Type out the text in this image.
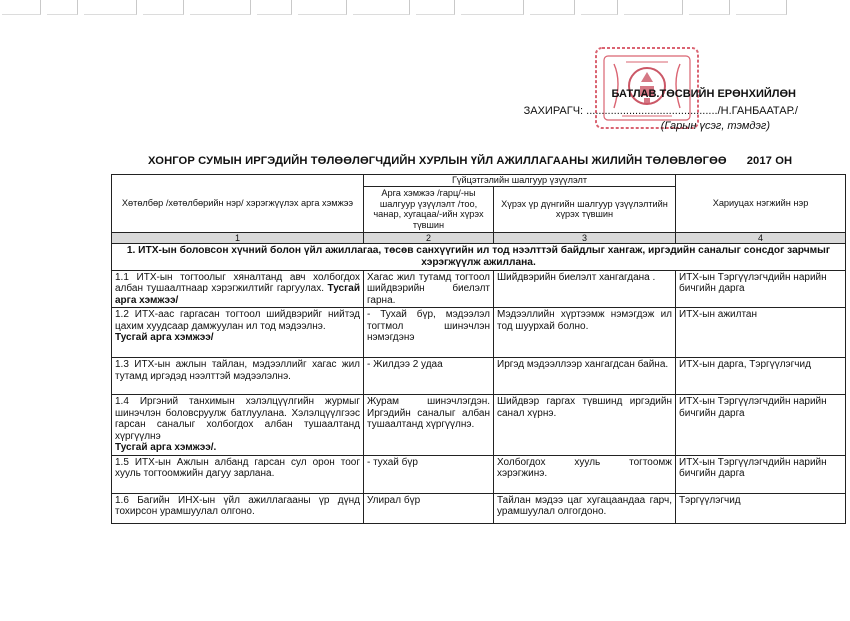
БАТЛАВ.ТӨСВИЙН ЕРӨНХИЙЛӨН
ЗАХИРАГЧ: .........................................../Н.ГАНБААТАР./
(Гарын үсэг, тэмдэг)
ХОНГОР СУМЫН ИРГЭДИЙН ТӨЛӨӨЛӨГЧДИЙН ХУРЛЫН ҮЙЛ АЖИЛЛАГААНЫ ЖИЛИЙН ТӨЛӨВЛӨГӨӨ 2017 ОН
Хөтөлбөр /хөтөлбөрийн нэр/ хэрэгжүүлэх арга хэмжээ	Гүйцэтгэлийн шалгуур үзүүлэлт		Хариуцах нэгжийн нэр
	Арга хэмжээ /гарц/-ны шалгуур үзүүлэлт /тоо, чанар, хугацаа/-ийн хүрэх түвшин	Хүрэх үр дүнгийн шалгуур үзүүлэлтийн хүрэх түвшин	
1	2	3	4
1. ИТХ-ын боловсон хүчний болон үйл ажиллагаа, төсөв санхүүгийн ил тод нээлттэй байдлыг хангаж, иргэдийн саналыг сонсдог зарчмыг хэрэгжүүлж ажиллана.			
1.1 ИТХ-ын тогтоолыг хяналтанд авч холбогдох албан тушаалтнаар хэрэгжилтийг гаргуулах. Тусгай арга хэмжээ/	Хагас жил тутамд тогтоол шийдвэрийн биелэлт гарна.	Шийдвэрийн биелэлт хангагдана .	ИТХ-ын Тэргүүлэгчдийн нарийн бичгийн дарга
1.2 ИТХ-аас гаргасан тогтоол шийдвэрийг нийтэд цахим хуудсаар дамжуулан ил тод мэдээлнэ.
Тусгай арга хэмжээ/	- Тухай бүр, мэдээлэл тогтмол шинэчлэн нэмэгдэнэ	Мэдээллийн хүртээмж нэмэгдэж ил тод шуурхай болно.	ИТХ-ын ажилтан
1.3 ИТХ-ын ажлын тайлан, мэдээллийг хагас жил тутамд иргэдэд нээлттэй мэдээлэлнэ.	- Жилдээ 2 удаа	Иргэд мэдээллээр хангагдсан байна.	ИТХ-ын дарга, Тэргүүлэгчид
1.4 Иргэний танхимын хэлэлцүүлгийн журмыг шинэчлэн боловсруулж батлуулана. Хэлэлцүүлгээс гарсан саналыг холбогдох албан тушаалтанд хүргүүлнэ
Тусгай арга хэмжээ/.	Журам шинэчлэгдэн. Иргэдийн саналыг албан тушаалтанд хүргүүлнэ.	Шийдвэр гаргах түвшинд иргэдийн санал хүрнэ.	ИТХ-ын Тэргүүлэгчдийн нарийн бичгийн дарга
1.5 ИТХ-ын Ажлын албанд гарсан сул орон тоог хууль тогтоомжийн дагуу зарлана.	- тухай бүр	Холбогдох хууль тогтоомж хэрэгжинэ.	ИТХ-ын Тэргүүлэгчдийн нарийн бичгийн дарга
1.6 Багийн ИНХ-ын үйл ажиллагааны үр дүнд тохирсон урамшуулал олгоно.	Улирал бүр	Тайлан мэдээ цаг хугацаандаа гарч, урамшуулал олгогдоно.	Тэргүүлэгчид
